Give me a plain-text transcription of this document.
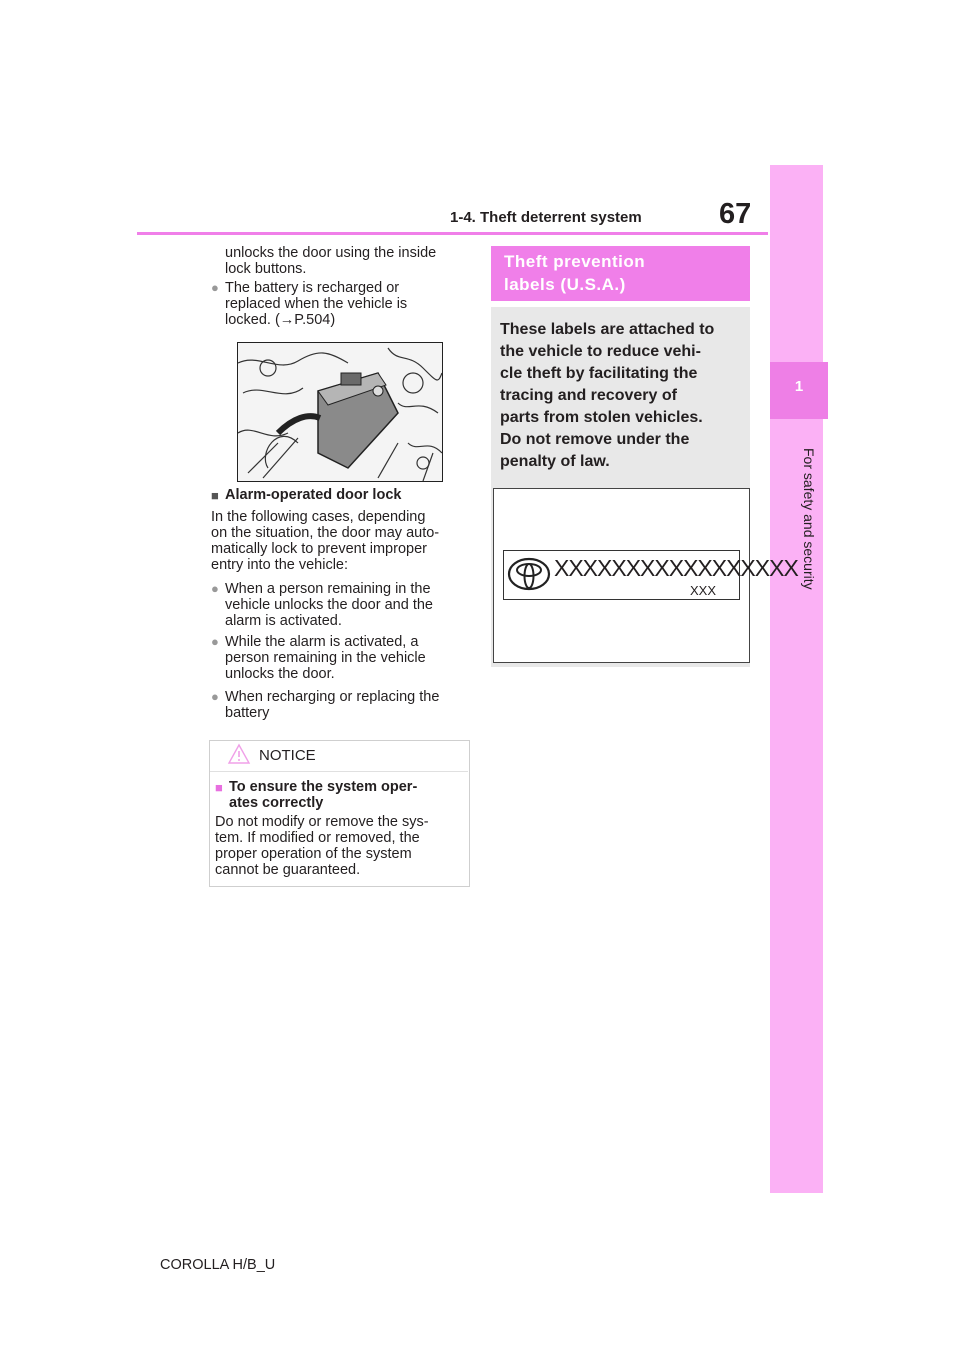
1-4. Theft deterrent system	67
1
For safety and security
unlocks the door using the inside
lock buttons.
● The battery is recharged or
replaced when the vehicle is
locked. (→P.504)
■ Alarm-operated door lock
In the following cases, depending
on the situation, the door may auto-
matically lock to prevent improper
entry into the vehicle:
● When a person remaining in the
vehicle unlocks the door and the
alarm is activated.
● While the alarm is activated, a
person remaining in the vehicle
unlocks the door.
● When recharging or replacing the
battery
NOTICE
■ To ensure the system oper-
ates correctly
Do not modify or remove the sys-
tem. If modified or removed, the
proper operation of the system
cannot be guaranteed.
Theft prevention
labels (U.S.A.)
These labels are attached to
the vehicle to reduce vehi-
cle theft by facilitating the
tracing and recovery of
parts from stolen vehicles.
Do not remove under the
penalty of law.
XXXXXXXXXXXXXXXXX
XXX
COROLLA H/B_U
